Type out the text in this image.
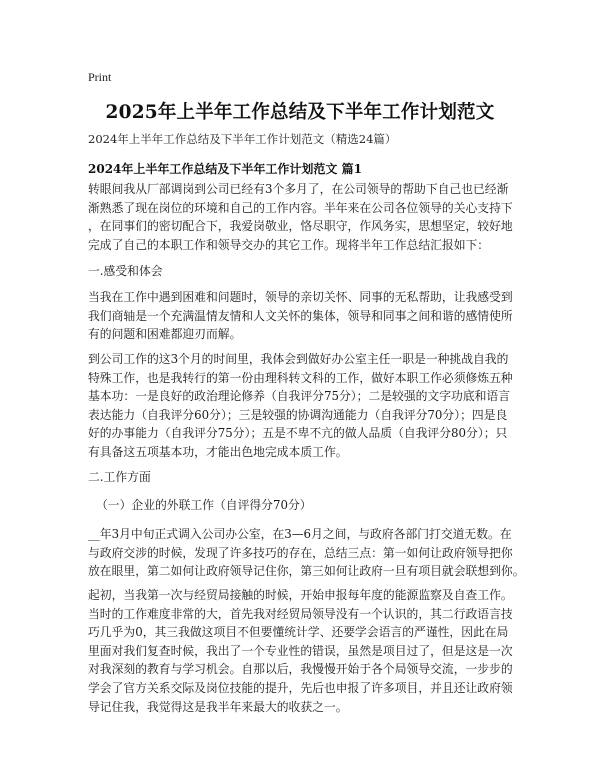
Print
2025年上半年工作总结及下半年工作计划范文
2024年上半年工作总结及下半年工作计划范文（精选24篇）
2024年上半年工作总结及下半年工作计划范文 篇1

转眼间我从厂部调岗到公司已经有3个多月了，在公司领导的帮助下自己也已经渐
渐熟悉了现在岗位的环境和自己的工作内容。半年来在公司各位领导的关心支持下
，在同事们的密切配合下，我爱岗敬业，恪尽职守，作风务实，思想坚定，较好地
完成了自己的本职工作和领导交办的其它工作。现将半年工作总结汇报如下：

一.感受和体会

当我在工作中遇到困难和问题时，领导的亲切关怀、同事的无私帮助，让我感受到
我们商轴是一个充满温情友情和人文关怀的集体，领导和同事之间和谐的感情使所
有的问题和困难都迎刃而解。

到公司工作的这3个月的时间里，我体会到做好办公室主任一职是一种挑战自我的
特殊工作，也是我转行的第一份由理科转文科的工作，做好本职工作必须修炼五种
基本功：一是良好的政治理论修养（自我评分75分）；二是较强的文字功底和语言
表达能力（自我评分60分）；三是较强的协调沟通能力（自我评分70分）；四是良
好的办事能力（自我评分75分）；五是不卑不亢的做人品质（自我评分80分）；只
有具备这五项基本功，才能出色地完成本质工作。

二.工作方面
（一）企业的外联工作（自评得分70分）

__年3月中旬正式调入公司办公室，在3—6月之间，与政府各部门打交道无数。在
与政府交涉的时候，发现了许多技巧的存在，总结三点：第一如何让政府领导把你
放在眼里，第二如何让政府领导记住你，第三如何让政府一旦有项目就会联想到你。

起初，当我第一次与经贸局接触的时候，开始申报每年度的能源监察及自查工作。
当时的工作难度非常的大，首先我对经贸局领导没有一个认识的，其二行政语言技
巧几乎为0，其三我做这项目不但要懂统计学、还要学会语言的严谨性，因此在局
里面对我们复查时候，我出了一个专业性的错误，虽然是项目过了，但是这是一次
对我深刻的教育与学习机会。自那以后，我慢慢开始于各个局领导交流，一步步的
学会了官方关系交际及岗位技能的提升，先后也申报了许多项目，并且还让政府领
导记住我，我觉得这是我半年来最大的收获之一。
